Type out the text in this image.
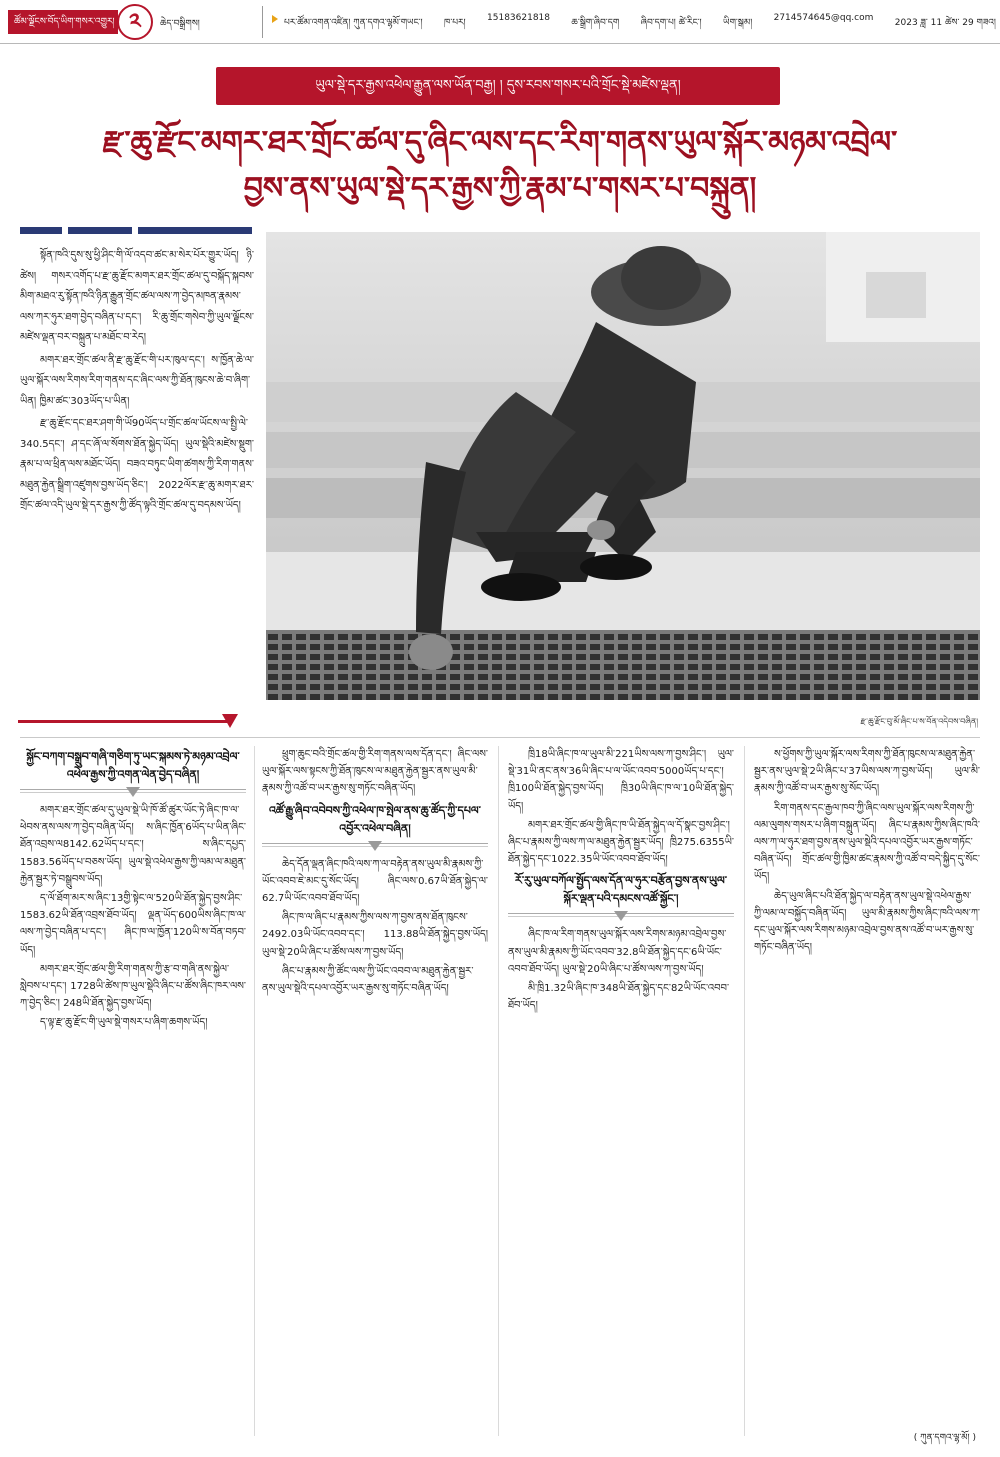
ཚོམ་ལྗོངས་བོད་ཡིག་གསར་འགྱུར། ༢	ཆེད་བསྒྲིགས།	པར་ཚོམ་འགན་འཛིན། ཀུན་དགའ་ལྷམོ་གཡང་། ཁ་པར། 15183621818 ཆ་སྒྲིག་ཞིབ་དག ཞིབ་དག་པ། ཚེ་རིང་། ཡིག་སྒམ། 2714574645@qq.com 2023 ཟླ་ 11 ཚེས་ 29 གཟའ།
ཡུལ་སྡེ་དར་རྒྱས་འཕེལ་རྒྱུན་ལས་ཡོན་བརྒྱ། ། དུས་རབས་གསར་པའི་གྲོང་སྡེ་མཛེས་ལྡན།
རྫ་ཆུ་རྫོང་མགར་ཐར་གྲོང་ཚལ་དུ་ཞིང་ལས་དང་རིག་གནས་ཡུལ་སྐོར་མཉམ་འབྲེལ་
བྱས་ནས་ཡུལ་སྡེ་དར་རྒྱས་ཀྱི་རྣམ་པ་གསར་པ་བསྐྲུན།

སྟོན་ཁའི་དུས་སུ་ཕྱི་ཤིང་གི་ལོ་འདབ་ཚང་མ་སེར་པོར་གྱུར་ཡོད། ཉི་ཚེས། གསར་འགོད་པ་རྫ་ཆུ་རྫོང་མགར་ཐར་གྲོང་ཚལ་དུ་བསྐོད་སྐབས་མིག་མཐའ་རུ་སྟོན་ཁའི་ཉིན་རྒྱུན་གྲོང་ཚལ་ལས་ཀ་བྱེད་མཁན་རྣམས་ལས་ཀར་ཧུར་ཐག་བྱེད་བཞིན་པ་དང་། རི་ཆུ་གྲོང་གསེབ་ཀྱི་ཡུལ་ལྗོངས་མཛེས་ལྡན་བར་བསྐྲུན་པ་མཐོང་བ་རེད།

མགར་ཐར་གྲོང་ཚལ་ནི་རྫ་ཆུ་རྫོང་གི་པར་ཁུལ་དང་། ས་ཁྱོན་ཆེ་ལ་ཡུལ་སྐོར་ལས་རིགས་རིག་གནས་དང་ཞིང་ལས་ཀྱི་ཐོན་ཁུངས་ཆེ་བ་ཞིག་ཡིན། ཁྱིམ་ཚང་303ཡོད་པ་ཡིན།

རྫ་ཆུ་རྫོང་དང་ཐར་ཤག་གི་ཡོ90ཡོད་པ་གྲོང་ཚལ་ཡོངས་ལ་སྤྱི་ལེ་340.5དང་། ཤ་དང་ཞོ་ལ་སོགས་ཐོན་སྐྱེད་ཡོད། ཡུལ་སྡེའི་མཛེས་སྡུག་རྣམ་པ་ལ་ཕྲིན་ལས་མཐོང་ཡོད། བཟའ་བཏུང་ཡིག་ཚགས་ཀྱི་རིག་གནས་མཐུན་རྐྱེན་སྒྲིག་འཛུགས་བྱས་ཡོད་ཅིང་། 2022ལོར་རྫ་ཆུ་མགར་ཐར་གྲོང་ཚལ་འདི་ཡུལ་སྡེ་དར་རྒྱས་ཀྱི་ཚོད་ལྟའི་གྲོང་ཚལ་དུ་བདམས་ཡོད།

རྫ་ཆུ་རྫོང་བུ་མོ་ཞིང་པ་ས་བོན་འདེབས་བཞིན།
སྐྱོང་བཀག་བསྒྲུབ་གཞི་གཅིག་ཏུ་ཡང་སྐམས་ཏེ་མཉམ་འབྲེལ་འཕེལ་རྒྱས་ཀྱི་འགན་ལེན་བྱེད་བཞིན།

མགར་ཐར་གྲོང་ཚལ་དུ་ཡུལ་སྡེ་ཡི་ཁོ་ཚོ་ཚུར་ཡོང་ཏེ་ཞིང་ཁ་ལ་ཕེབས་ནས་ལས་ཀ་བྱེད་བཞིན་ཡོད། ས་ཞིང་ཁྱོན་6ཡོད་པ་ཡིན་ཞིང་ཐོན་འབྲས་ལ8142.62ཡོད་པ་དང་། ས་ཞིང་དཔྱད་1583.56ཡོད་པ་བཅས་ཡོད། ཡུལ་སྡེ་འཕེལ་རྒྱས་ཀྱི་ལམ་ལ་མཐུན་རྐྱེན་སྦྱར་ཏེ་བསྒྲུབས་ཡོད།

ད་ལོ་ཐོག་མར་ས་ཞིང་13གྱི་སྟེང་ལ་520ཡི་ཐོན་སྐྱེད་བྱས་ཤིང་1583.62ཡི་ཐོན་འབྲས་ཐོབ་ཡོད། ལྡན་ཡོད་600ཡིས་ཞིང་ཁ་ལ་ལས་ཀ་བྱེད་བཞིན་པ་དང་། ཞིང་ཁ་ལ་ཁྱོན་120ཡི་ས་བོན་བཏབ་ཡོད།

མགར་ཐར་གྲོང་ཚལ་གྱི་རིག་གནས་ཀྱི་རྩ་བ་གཞི་ནས་སྐྱེལ་སླེབས་པ་དང་། 1728ཡི་ཚེས་ཁ་ཡུལ་སྡེའི་ཞིང་པ་ཚོས་ཞིང་ཁར་ལས་ཀ་བྱེད་ཅིང་། 248ཡི་ཐོན་སྐྱེད་བྱས་ཡོད།

ད་ལྟ་རྫ་ཆུ་རྫོང་གི་ཡུལ་སྡེ་གསར་པ་ཞིག་ཆགས་ཡོད།

ཕྲུག་ཆུང་བའི་གྲོང་ཚལ་གྱི་རིག་གནས་ལས་དོན་དང་། ཞིང་ལས་ཡུལ་སྐོར་ལས་སྟངས་ཀྱི་ཐོན་ཁུངས་ལ་མཐུན་རྐྱེན་སྦྱར་ནས་ཡུལ་མི་རྣམས་ཀྱི་འཚོ་བ་ཡར་རྒྱས་སུ་གཏོང་བཞིན་ཡོད།

འཚོ་རྒྱུ་ཞིབ་འབེབས་ཀྱི་འཕེལ་ཁ་སྤེལ་ནས་ཆུ་ཚོད་ཀྱི་དཔལ་འབྱོར་འཕེལ་བཞིན།

ཆེད་དོན་ལྡན་ཞིང་ཁའི་ལས་ཀ་ལ་བརྟེན་ནས་ཡུལ་མི་རྣམས་ཀྱི་ཡོང་འབབ་ཇེ་མང་དུ་སོང་ཡོད། ཞིང་ལས་0.67ཡི་ཐོན་སྐྱེད་ལ་62.7ཡི་ཡོང་འབབ་ཐོབ་ཡོད།

ཞིང་ཁ་ལ་ཞིང་པ་རྣམས་ཀྱིས་ལས་ཀ་བྱས་ནས་ཐོན་ཁུངས་2492.03ཡི་ཡོང་འབབ་དང་། 113.88ཡི་ཐོན་སྐྱེད་བྱས་ཡོད། ཡུལ་སྡེ་20ཡི་ཞིང་པ་ཚོས་ལས་ཀ་བྱས་ཡོད།

ཞིང་པ་རྣམས་ཀྱི་ཚོང་ལས་ཀྱི་ཡོང་འབབ་ལ་མཐུན་རྐྱེན་སྦྱར་ནས་ཡུལ་སྡེའི་དཔལ་འབྱོར་ཡར་རྒྱས་སུ་གཏོང་བཞིན་ཡོད།

ཁྲི18ཡི་ཞིང་ཁ་ལ་ཡུལ་མི་221ཡིས་ལས་ཀ་བྱས་ཤིང་། ཡུལ་སྡེ་31ཡི་ནང་ནས་36ཡི་ཞིང་པ་ལ་ཡོང་འབབ་5000ཡོད་པ་དང་། ཁྲི100ཡི་ཐོན་སྐྱེད་བྱས་ཡོད། ཁྲི30ཡི་ཞིང་ཁ་ལ་10ཡི་ཐོན་སྐྱེད་ཡོད།

མགར་ཐར་གྲོང་ཚལ་གྱི་ཞིང་ཁ་ཡི་ཐོན་སྐྱེད་ལ་དོ་སྣང་བྱས་ཤིང་། ཞིང་པ་རྣམས་ཀྱི་ལས་ཀ་ལ་མཐུན་རྐྱེན་སྦྱར་ཡོད། ཁྲི275.6355ཡི་ཐོན་སྐྱེད་དང་1022.35ཡི་ཡོང་འབབ་ཐོབ་ཡོད།

རོ་རུ་ཡུལ་བཀོལ་སྤྱོད་ལས་དོན་ལ་ཧུར་བརྩོན་བྱས་ནས་ཡུལ་སྐོར་ལྡན་པའི་དམངས་འཚོ་སྐྱོང་།

ཞིང་ཁ་ལ་རིག་གནས་ཡུལ་སྐོར་ལས་རིགས་མཉམ་འབྲེལ་བྱས་ནས་ཡུལ་མི་རྣམས་ཀྱི་ཡོང་འབབ་32.8ཡི་ཐོན་སྐྱེད་དང་6ཡི་ཡོང་འབབ་ཐོབ་ཡོད། ཡུལ་སྡེ་20ཡི་ཞིང་པ་ཚོས་ལས་ཀ་བྱས་ཡོད།

མི་ཁྲི1.32ཡི་ཞིང་ཁ་348ཡི་ཐོན་སྐྱེད་དང་82ཡི་ཡོང་འབབ་ཐོབ་ཡོད།

ས་ཕྱོགས་ཀྱི་ཡུལ་སྐོར་ལས་རིགས་ཀྱི་ཐོན་ཁུངས་ལ་མཐུན་རྐྱེན་སྦྱར་ནས་ཡུལ་སྡེ་2ཡི་ཞིང་པ་37ཡིས་ལས་ཀ་བྱས་ཡོད། ཡུལ་མི་རྣམས་ཀྱི་འཚོ་བ་ཡར་རྒྱས་སུ་སོང་ཡོད།

རིག་གནས་དང་རྒྱལ་ཁབ་ཀྱི་ཞིང་ལས་ཡུལ་སྐོར་ལས་རིགས་ཀྱི་ལམ་ལུགས་གསར་པ་ཞིག་བསྐྲུན་ཡོད། ཞིང་པ་རྣམས་ཀྱིས་ཞིང་ཁའི་ལས་ཀ་ལ་ཧུར་ཐག་བྱས་ནས་ཡུལ་སྡེའི་དཔལ་འབྱོར་ཡར་རྒྱས་གཏོང་བཞིན་ཡོད། གྲོང་ཚལ་གྱི་ཁྱིམ་ཚང་རྣམས་ཀྱི་འཚོ་བ་བདེ་སྐྱིད་དུ་སོང་ཡོད།

ཆེད་ཡུལ་ཞིང་པའི་ཐོན་སྐྱེད་ལ་བརྟེན་ནས་ཡུལ་སྡེ་འཕེལ་རྒྱས་ཀྱི་ལམ་ལ་བསྐྱོད་བཞིན་ཡོད། ཡུལ་མི་རྣམས་ཀྱིས་ཞིང་ཁའི་ལས་ཀ་དང་ཡུལ་སྐོར་ལས་རིགས་མཉམ་འབྲེལ་བྱས་ནས་འཚོ་བ་ཡར་རྒྱས་སུ་གཏོང་བཞིན་ཡོད།

( ཀུན་དགའ་ལྷ་མོ། )
